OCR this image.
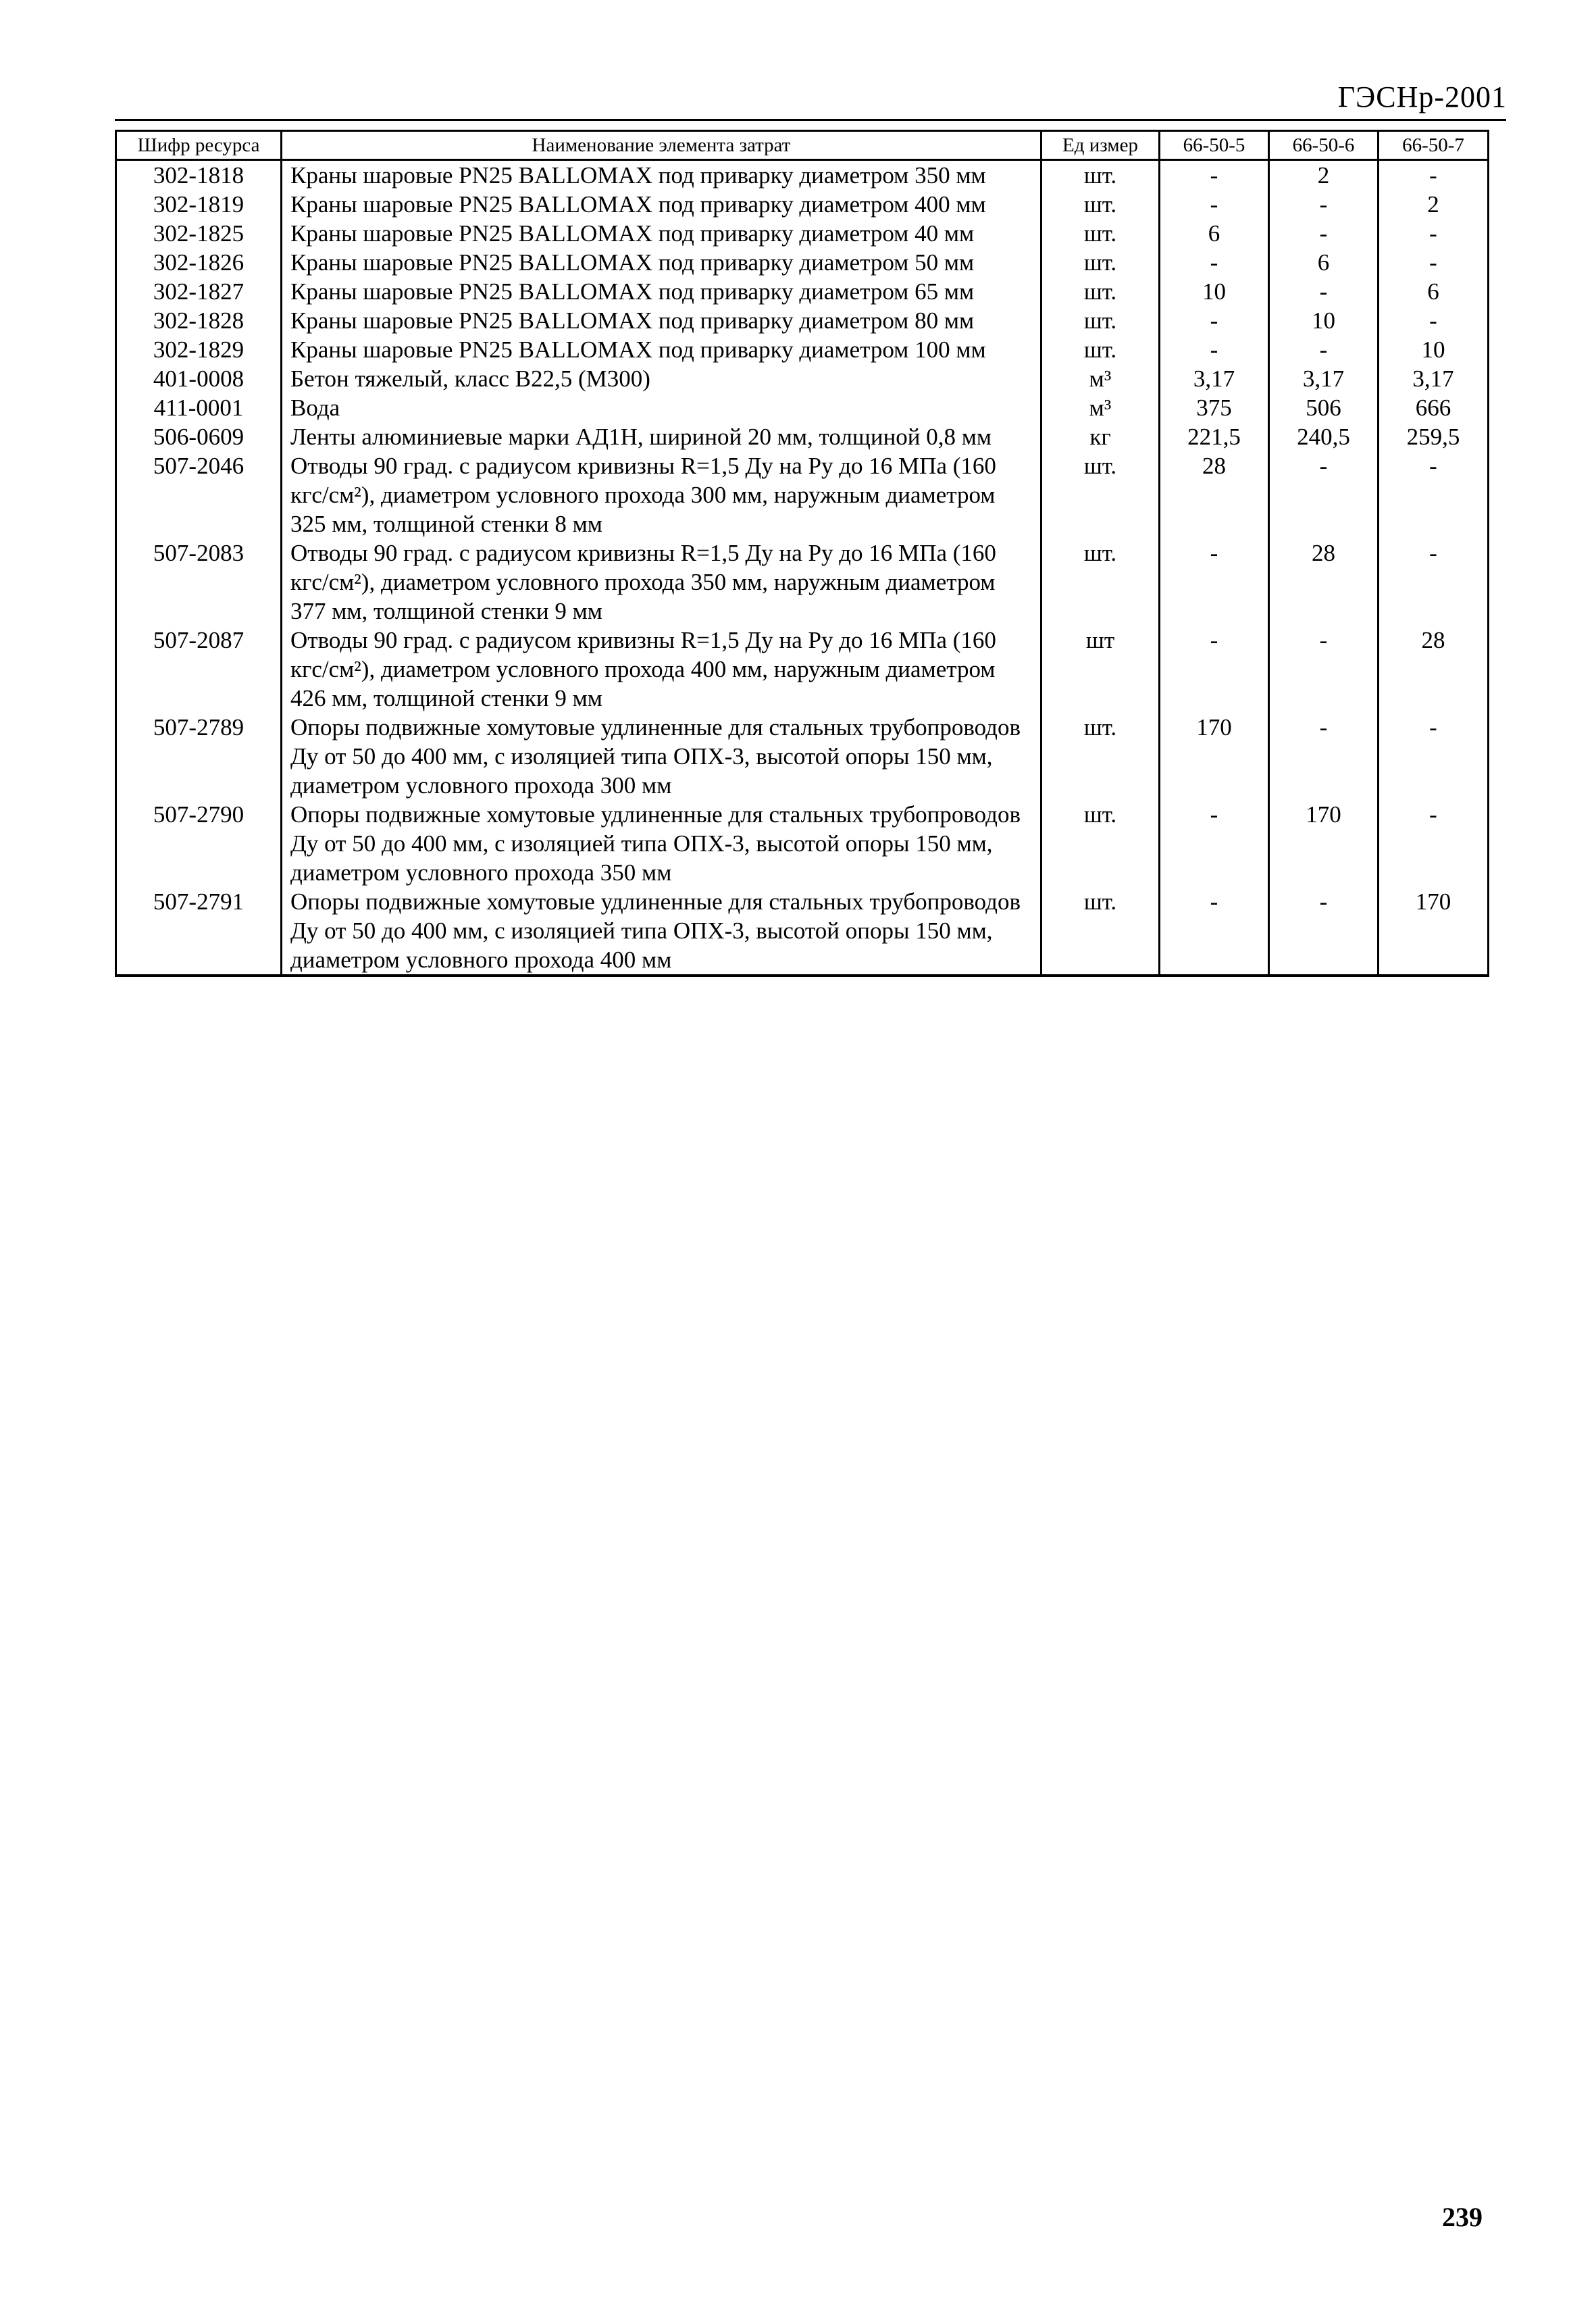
ГЭСНр-2001
Шифр ресурса	Наименование элемента затрат	Ед измер	66-50-5	66-50-6	66-50-7
302-1818	Краны шаровые PN25 BALLOMAX под приварку диаметром 350 мм	шт.	-	2	-
302-1819	Краны шаровые PN25 BALLOMAX под приварку диаметром 400 мм	шт.	-	-	2
302-1825	Краны шаровые PN25 BALLOMAX под приварку диаметром 40 мм	шт.	6	-	-
302-1826	Краны шаровые PN25 BALLOMAX под приварку диаметром 50 мм	шт.	-	6	-
302-1827	Краны шаровые PN25 BALLOMAX под приварку диаметром 65 мм	шт.	10	-	6
302-1828	Краны шаровые PN25 BALLOMAX под приварку диаметром 80 мм	шт.	-	10	-
302-1829	Краны шаровые PN25 BALLOMAX под приварку диаметром 100 мм	шт.	-	-	10
401-0008	Бетон тяжелый, класс В22,5 (М300)	м³	3,17	3,17	3,17
411-0001	Вода	м³	375	506	666
506-0609	Ленты алюминиевые марки АД1Н, шириной 20 мм, толщиной 0,8 мм	кг	221,5	240,5	259,5
507-2046	Отводы 90 град. с радиусом кривизны R=1,5 Ду на Ру до 16 МПа (160 кгс/см²), диаметром условного прохода 300 мм, наружным диаметром 325 мм, толщиной стенки 8 мм	шт.	28	-	-
507-2083	Отводы 90 град. с радиусом кривизны R=1,5 Ду на Ру до 16 МПа (160 кгс/см²), диаметром условного прохода 350 мм, наружным диаметром 377 мм, толщиной стенки 9 мм	шт.	-	28	-
507-2087	Отводы 90 град. с радиусом кривизны R=1,5 Ду на Ру до 16 МПа (160 кгс/см²), диаметром условного прохода 400 мм, наружным диаметром 426 мм, толщиной стенки 9 мм	шт	-	-	28
507-2789	Опоры подвижные хомутовые удлиненные для стальных трубопроводов Ду от 50 до 400 мм, с изоляцией типа ОПХ-3, высотой опоры 150 мм, диаметром условного прохода 300 мм	шт.	170	-	-
507-2790	Опоры подвижные хомутовые удлиненные для стальных трубопроводов Ду от 50 до 400 мм, с изоляцией типа ОПХ-3, высотой опоры 150 мм, диаметром условного прохода 350 мм	шт.	-	170	-
507-2791	Опоры подвижные хомутовые удлиненные для стальных трубопроводов Ду от 50 до 400 мм, с изоляцией типа ОПХ-3, высотой опоры 150 мм, диаметром условного прохода 400 мм	шт.	-	-	170
239
